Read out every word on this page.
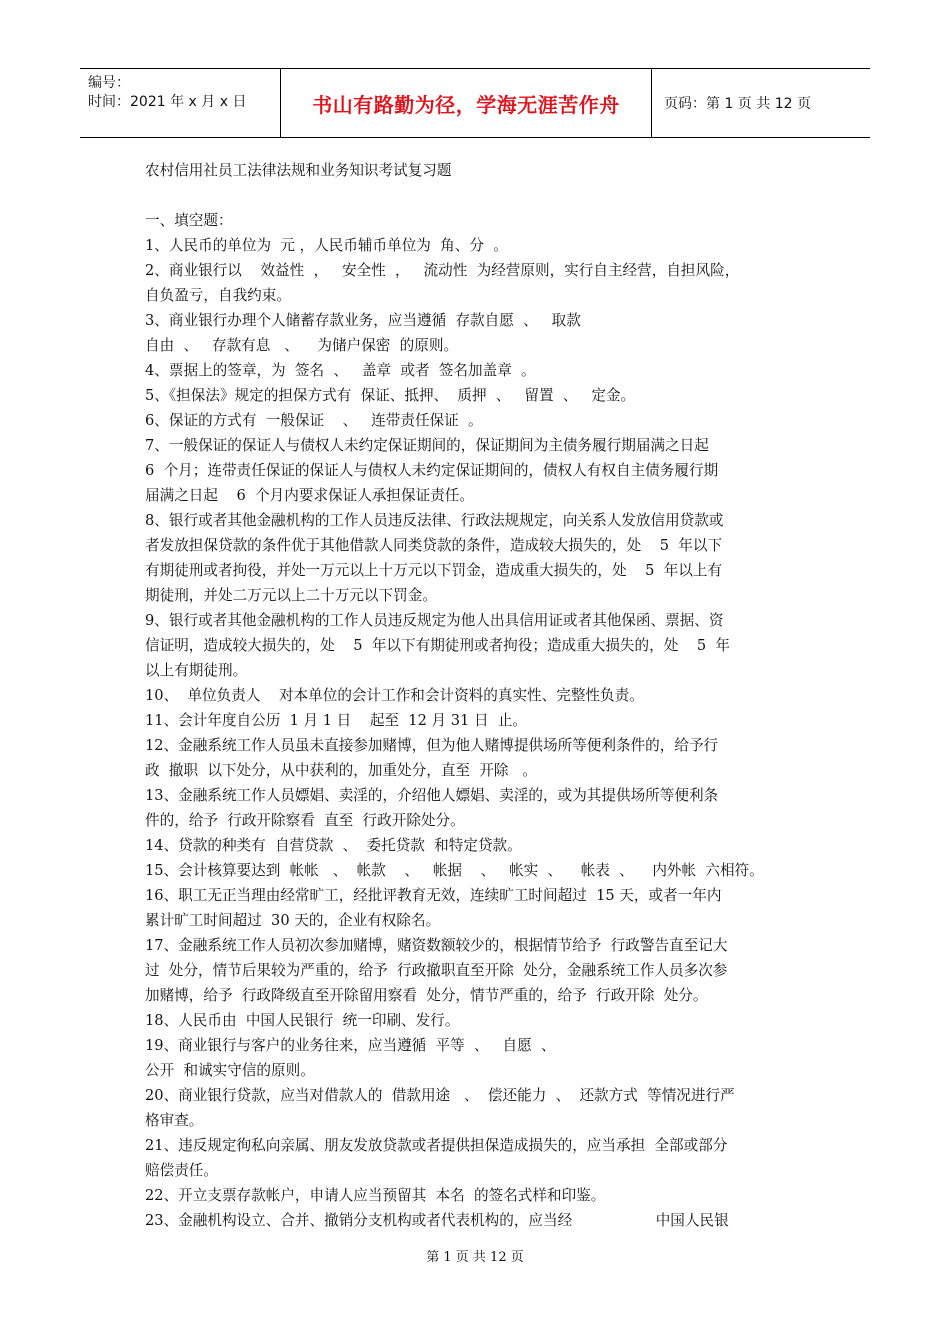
编号：
时间：2021 年 x 月 x 日	书山有路勤为径，学海无涯苦作舟	页码：第 1 页 共 12 页

农村信用社员工法律法规和业务知识考试复习题

一、填空题：

1、人民币的单位为  元 ，人民币辅币单位为  角、分  。

2、商业银行以    效益性  ，   安全性  ，   流动性  为经营原则，实行自主经营，自担风险，

自负盈亏，自我约束。

3、商业银行办理个人储蓄存款业务，应当遵循  存款自愿  、   取款

自由  、   存款有息   、    为储户保密  的原则。

4、票据上的签章，为  签名  、   盖章  或者  签名加盖章  。

5、《担保法》规定的担保方式有  保证、抵押、  质押  、   留置  、   定金。

6、保证的方式有  一般保证    、   连带责任保证  。

7、一般保证的保证人与债权人未约定保证期间的，保证期间为主债务履行期届满之日起

6  个月；连带责任保证的保证人与债权人未约定保证期间的，债权人有权自主债务履行期

届满之日起    6  个月内要求保证人承担保证责任。

8、银行或者其他金融机构的工作人员违反法律、行政法规规定，向关系人发放信用贷款或

者发放担保贷款的条件优于其他借款人同类贷款的条件，造成较大损失的，处    5  年以下

有期徒刑或者拘役，并处一万元以上十万元以下罚金，造成重大损失的，处    5  年以上有

期徒刑，并处二万元以上二十万元以下罚金。

9、银行或者其他金融机构的工作人员违反规定为他人出具信用证或者其他保函、票据、资

信证明，造成较大损失的，处    5  年以下有期徒刑或者拘役；造成重大损失的，处    5  年

以上有期徒刑。

10、  单位负责人    对本单位的会计工作和会计资料的真实性、完整性负责。

11、会计年度自公历  1 月 1 日    起至  12 月 31 日  止。

12、金融系统工作人员虽未直接参加赌博，但为他人赌博提供场所等便利条件的，给予行

政  撤职  以下处分，从中获利的，加重处分，直至  开除   。

13、金融系统工作人员嫖娼、卖淫的，介绍他人嫖娼、卖淫的，或为其提供场所等便利条

件的，给予  行政开除察看  直至  行政开除处分。

14、贷款的种类有  自营贷款  、  委托贷款  和特定贷款。

15、会计核算要达到  帐帐   、  帐款    、   帐据    、   帐实  、    帐表  、    内外帐  六相符。

16、职工无正当理由经常旷工，经批评教育无效，连续旷工时间超过  15 天，或者一年内

累计旷工时间超过  30 天的，企业有权除名。

17、金融系统工作人员初次参加赌博，赌资数额较少的，根据情节给予  行政警告直至记大

过  处分，情节后果较为严重的，给予  行政撤职直至开除  处分，金融系统工作人员多次参

加赌博，给予  行政降级直至开除留用察看  处分，情节严重的，给予  行政开除  处分。

18、人民币由  中国人民银行  统一印刷、发行。

19、商业银行与客户的业务往来，应当遵循  平等  、   自愿  、

公开  和诚实守信的原则。

20、商业银行贷款，应当对借款人的  借款用途   、  偿还能力  、  还款方式  等情况进行严

格审查。

21、违反规定徇私向亲属、朋友发放贷款或者提供担保造成损失的，应当承担  全部或部分

赔偿责任。

22、开立支票存款帐户，申请人应当预留其  本名  的签名式样和印鉴。

23、金融机构设立、合并、撤销分支机构或者代表机构的，应当经                  中国人民银

第 1 页 共 12 页
